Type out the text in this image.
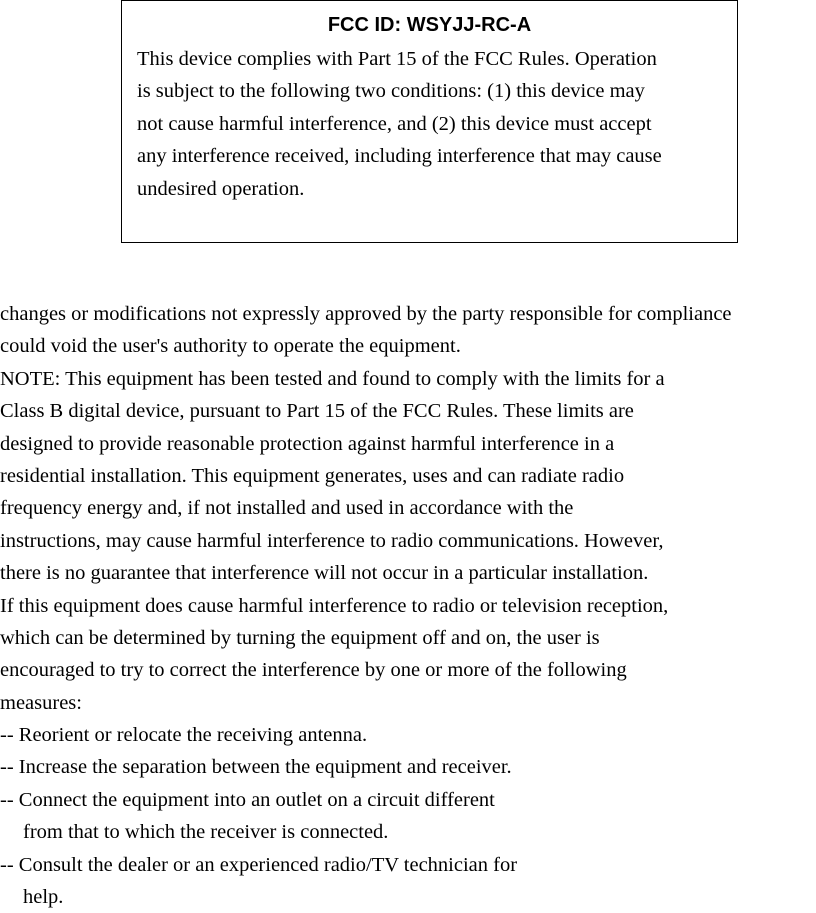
FCC ID: WSYJJ-RC-A

This device complies with Part 15 of the FCC Rules. Operation
is subject to the following two conditions: (1) this device may
not cause harmful interference, and (2) this device must accept
any interference received, including interference that may cause
undesired operation.

changes or modifications not expressly approved by the party responsible for compliance
could void the user's authority to operate the equipment.
NOTE: This equipment has been tested and found to comply with the limits for a
Class B digital device, pursuant to Part 15 of the FCC Rules. These limits are
designed to provide reasonable protection against harmful interference in a
residential installation. This equipment generates, uses and can radiate radio
frequency energy and, if not installed and used in accordance with the
instructions, may cause harmful interference to radio communications. However,
there is no guarantee that interference will not occur in a particular installation.
If this equipment does cause harmful interference to radio or television reception,
which can be determined by turning the equipment off and on, the user is
encouraged to try to correct the interference by one or more of the following
measures:
-- Reorient or relocate the receiving antenna.
-- Increase the separation between the equipment and receiver.
-- Connect the equipment into an outlet on a circuit different
from that to which the receiver is connected.
-- Consult the dealer or an experienced radio/TV technician for
help.
